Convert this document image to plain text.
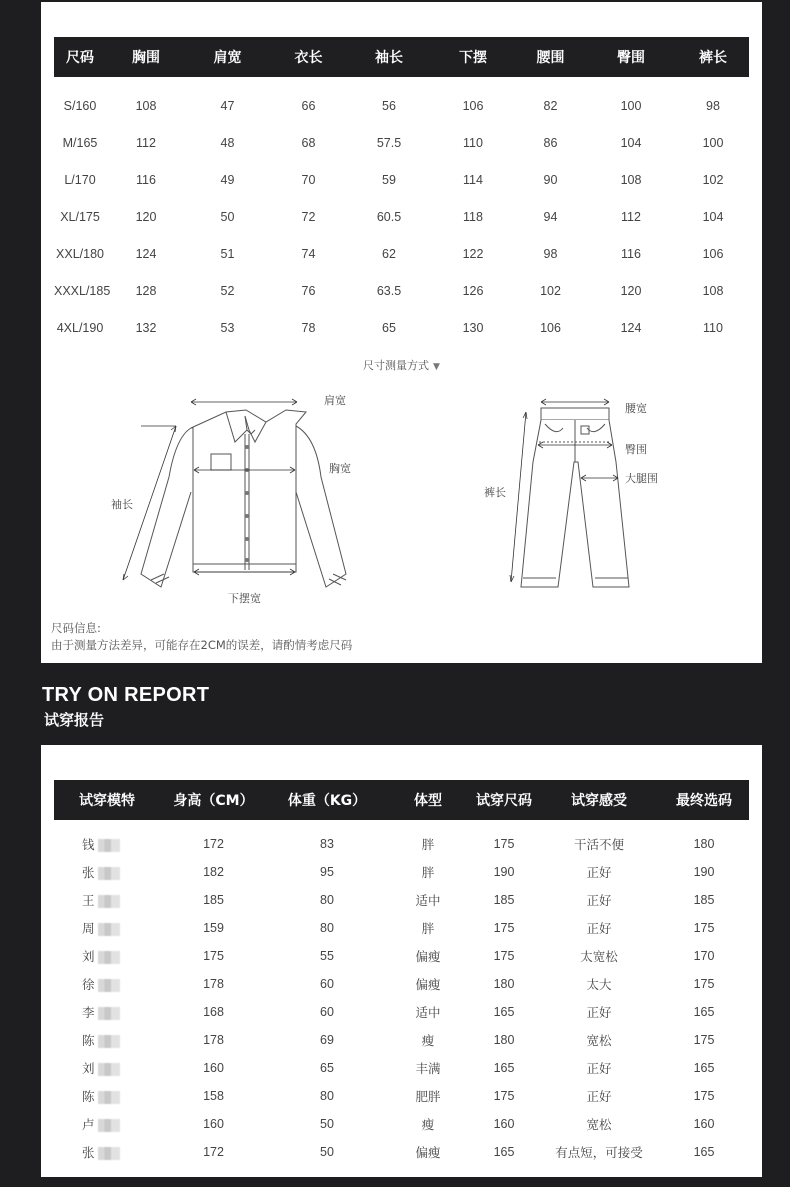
尺码	胸围	肩宽	衣长	袖长	下摆	腰围	臀围	裤长
S/160	108	47	66	56	106	82	100	98
M/165	112	48	68	57.5	110	86	104	100
L/170	116	49	70	59	114	90	108	102
XL/175	120	50	72	60.5	118	94	112	104
XXL/180	124	51	74	62	122	98	116	106
XXXL/185	128	52	76	63.5	126	102	120	108
4XL/190	132	53	78	65	130	106	124	110
尺寸测量方式 ▼
肩宽
胸宽
袖长
下摆宽
腰宽
臀围
裤长
大腿围
尺码信息:
由于测量方法差异，可能存在2CM的误差，请酌情考虑尺码
TRY ON REPORT
试穿报告
试穿模特	身高（CM）	体重（KG）	体型	试穿尺码	试穿感受	最终选码
钱	172	83	胖	175	干活不便	180
张	182	95	胖	190	正好	190
王	185	80	适中	185	正好	185
周	159	80	胖	175	正好	175
刘	175	55	偏瘦	175	太宽松	170
徐	178	60	偏瘦	180	太大	175
李	168	60	适中	165	正好	165
陈	178	69	瘦	180	宽松	175
刘	160	65	丰满	165	正好	165
陈	158	80	肥胖	175	正好	175
卢	160	50	瘦	160	宽松	160
张	172	50	偏瘦	165	有点短，可接受	165
